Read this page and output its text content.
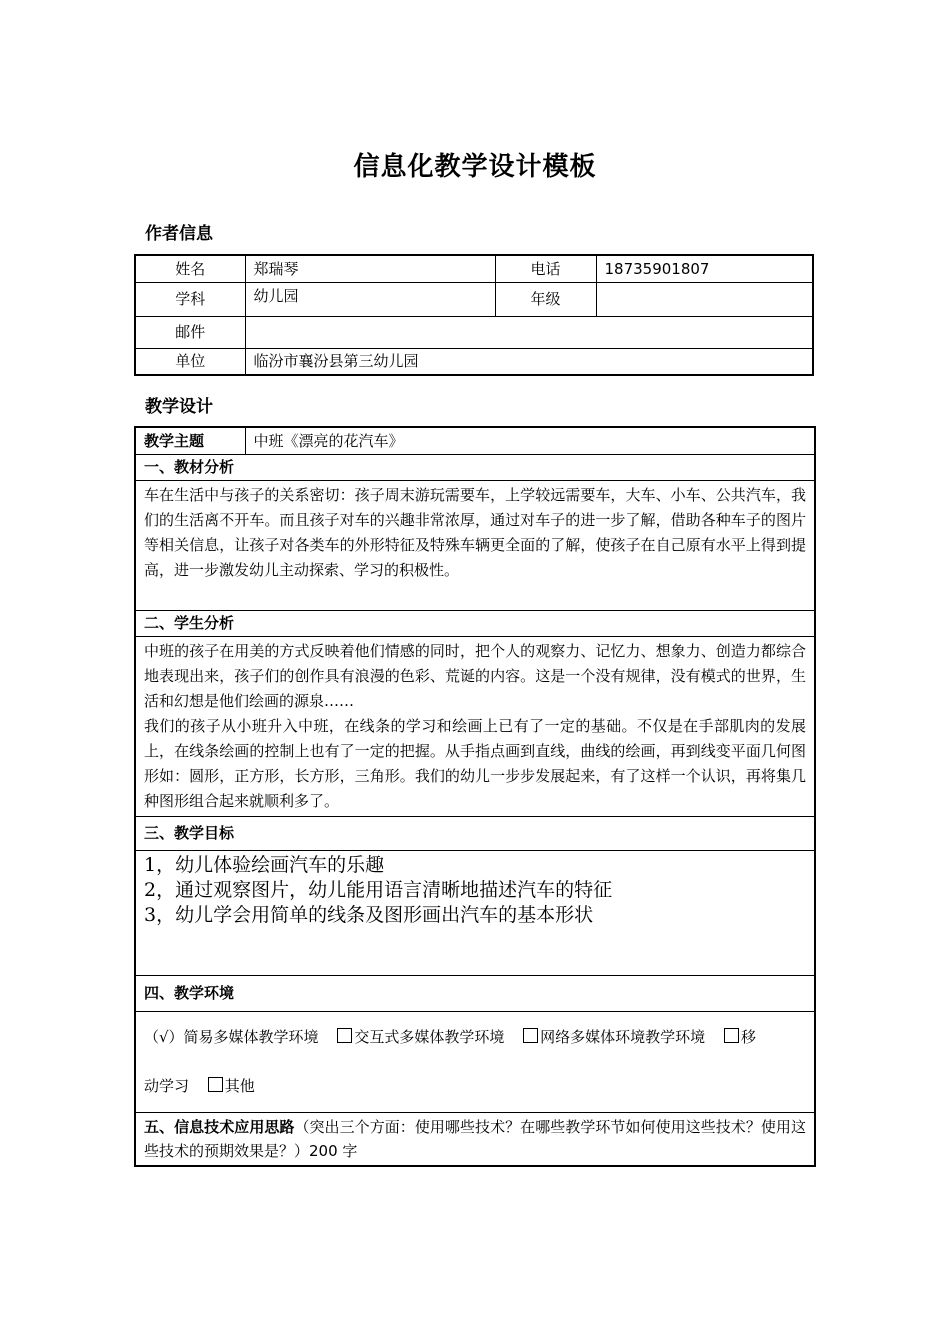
信息化教学设计模板
作者信息
姓名	郑瑞琴	电话	18735901807
学科	幼儿园	年级	
邮件			
单位	临汾市襄汾县第三幼儿园		
教学设计
教学主题	中班《漂亮的花汽车》
一、教材分析
车在生活中与孩子的关系密切：孩子周末游玩需要车，上学较远需要车，大车、小车、公共汽车，我们的生活离不开车。而且孩子对车的兴趣非常浓厚，通过对车子的进一步了解，借助各种车子的图片等相关信息，让孩子对各类车的外形特征及特殊车辆更全面的了解，使孩子在自己原有水平上得到提高，进一步激发幼儿主动探索、学习的积极性。
二、学生分析

中班的孩子在用美的方式反映着他们情感的同时，把个人的观察力、记忆力、想象力、创造力都综合地表现出来，孩子们的创作具有浪漫的色彩、荒诞的内容。这是一个没有规律，没有模式的世界，生活和幻想是他们绘画的源泉……
我们的孩子从小班升入中班，在线条的学习和绘画上已有了一定的基础。不仅是在手部肌肉的发展上，在线条绘画的控制上也有了一定的把握。从手指点画到直线，曲线的绘画，再到线变平面几何图形如：圆形，正方形，长方形，三角形。我们的幼儿一步步发展起来，有了这样一个认识，再将集几种图形组合起来就顺利多了。

三、教学目标

1，幼儿体验绘画汽车的乐趣
2，通过观察图片，幼儿能用语言清晰地描述汽车的特征
3，幼儿学会用简单的线条及图形画出汽车的基本形状

四、教学环境

（√）简易多媒体教学环境 交互式多媒体教学环境 网络多媒体环境教学环境 移
动学习 其他

五、信息技术应用思路（突出三个方面：使用哪些技术？在哪些教学环节如何使用这些技术？使用这些技术的预期效果是？）200 字
